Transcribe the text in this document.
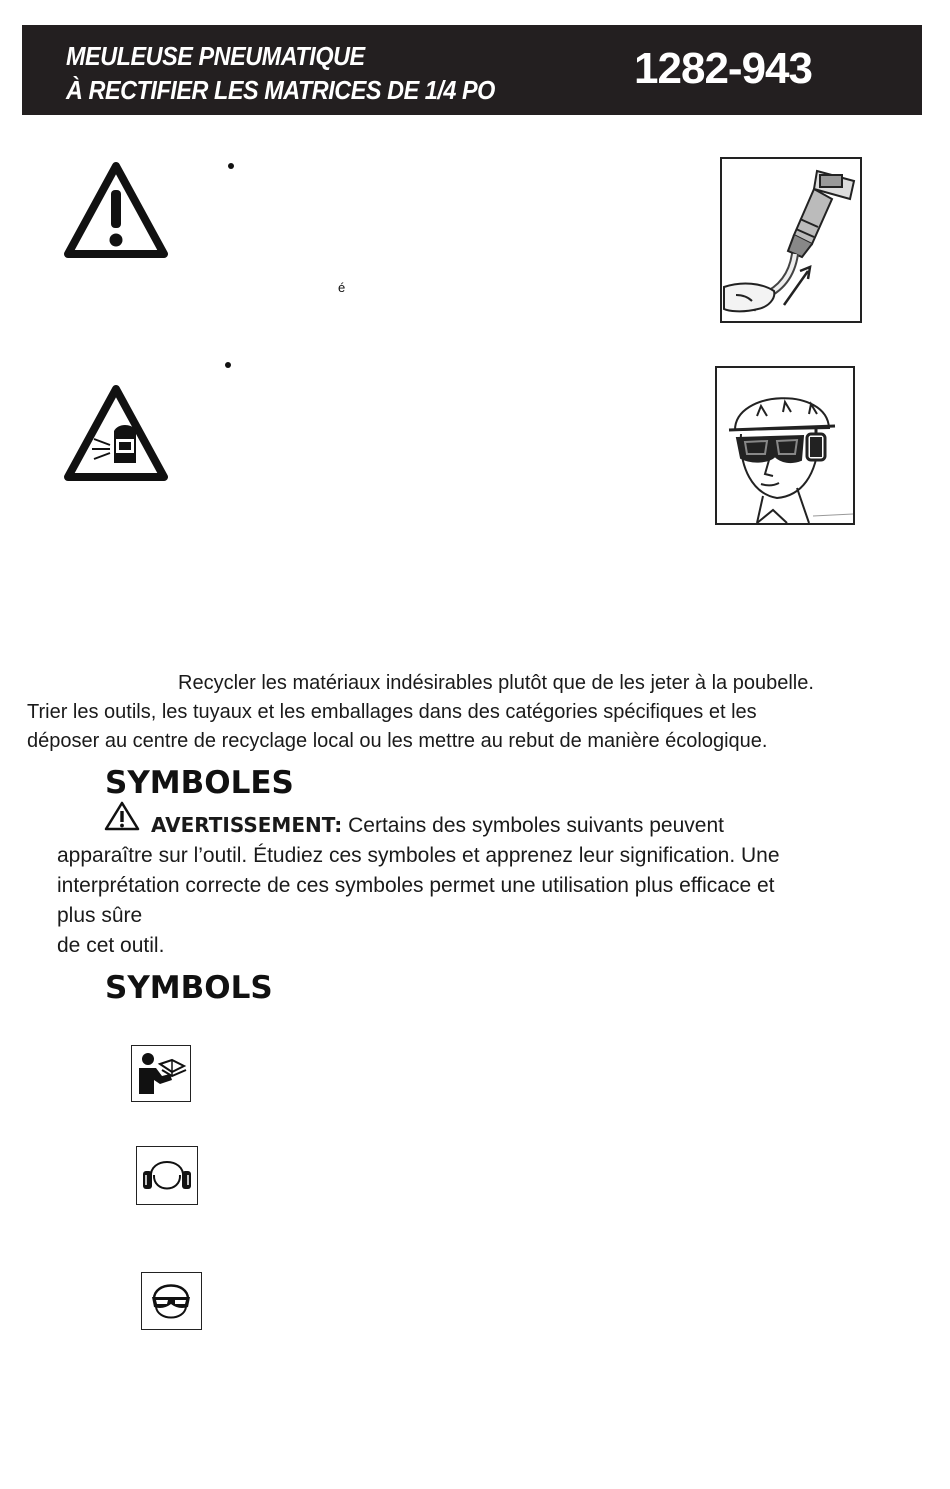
MEULEUSE PNEUMATIQUE
À RECTIFIER LES MATRICES DE 1/4 PO	1282-943
é
Recycler les matériaux indésirables plutôt que de les jeter à la poubelle.
Trier les outils, les tuyaux et les emballages dans des catégories spécifiques et les
déposer au centre de recyclage local ou les mettre au rebut de manière écologique.
SYMBOLES
AVERTISSEMENT: Certains des symboles suivants peuvent
apparaître sur l’outil. Étudiez ces symboles et apprenez leur signification. Une
interprétation correcte de ces symboles permet une utilisation plus efficace et
plus sûre
de cet outil.
SYMBOLS
